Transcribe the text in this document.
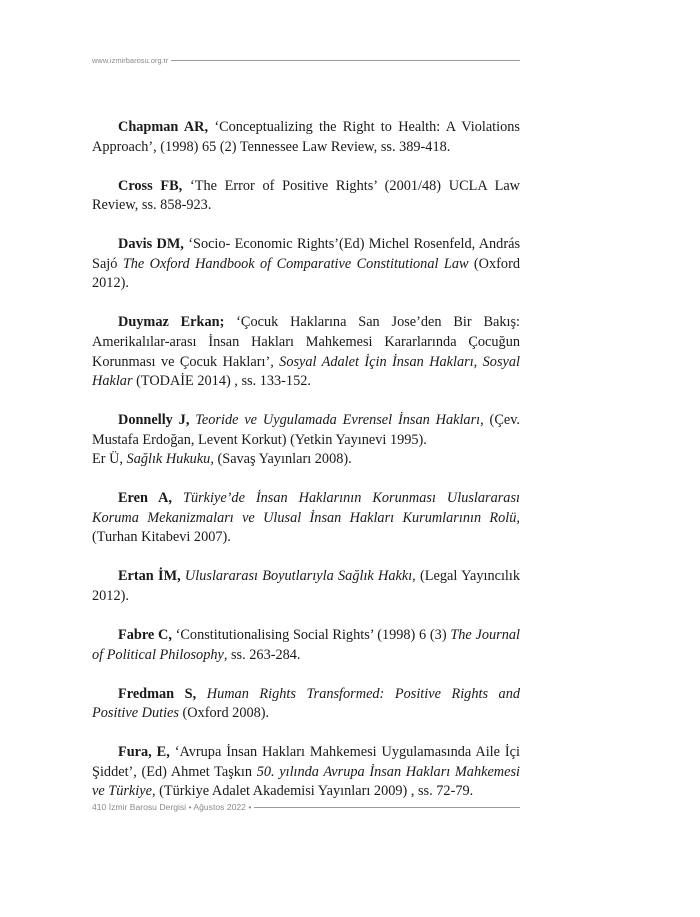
www.izmirbarosu.org.tr

Chapman AR, ‘Conceptualizing the Right to Health: A Violations Approach’, (1998) 65 (2) Tennessee Law Review, ss. 389-418.

Cross FB, ‘The Error of Positive Rights’ (2001/48) UCLA Law Review, ss. 858-923.

Davis DM, ‘Socio- Economic Rights’(Ed) Michel Rosenfeld, András Sajó The Oxford Handbook of Comparative Constitutional Law (Oxford 2012).

Duymaz Erkan; ‘Çocuk Haklarına San Jose’den Bir Bakış: Amerikalılar-arası İnsan Hakları Mahkemesi Kararlarında Çocuğun Korunması ve Çocuk Hakları’, Sosyal Adalet İçin İnsan Hakları, Sosyal Haklar (TODAİE 2014) , ss. 133-152.

Donnelly J, Teoride ve Uygulamada Evrensel İnsan Hakları, (Çev. Mustafa Erdoğan, Levent Korkut) (Yetkin Yayınevi 1995).

Er Ü, Sağlık Hukuku, (Savaş Yayınları 2008).

Eren A, Türkiye’de İnsan Haklarının Korunması Uluslararası Koruma Mekanizmaları ve Ulusal İnsan Hakları Kurumlarının Rolü, (Turhan Kitabevi 2007).

Ertan İM, Uluslararası Boyutlarıyla Sağlık Hakkı, (Legal Yayıncılık 2012).

Fabre C, ‘Constitutionalising Social Rights’ (1998) 6 (3) The Journal of Political Philosophy, ss. 263-284.

Fredman S, Human Rights Transformed: Positive Rights and Positive Duties (Oxford 2008).

Fura, E, ‘Avrupa İnsan Hakları Mahkemesi Uygulamasında Aile İçi Şiddet’, (Ed) Ahmet Taşkın 50. yılında Avrupa İnsan Hakları Mahkemesi ve Türkiye, (Türkiye Adalet Akademisi Yayınları 2009) , ss. 72-79.

410 İzmir Barosu Dergisi • Ağustos 2022 •
